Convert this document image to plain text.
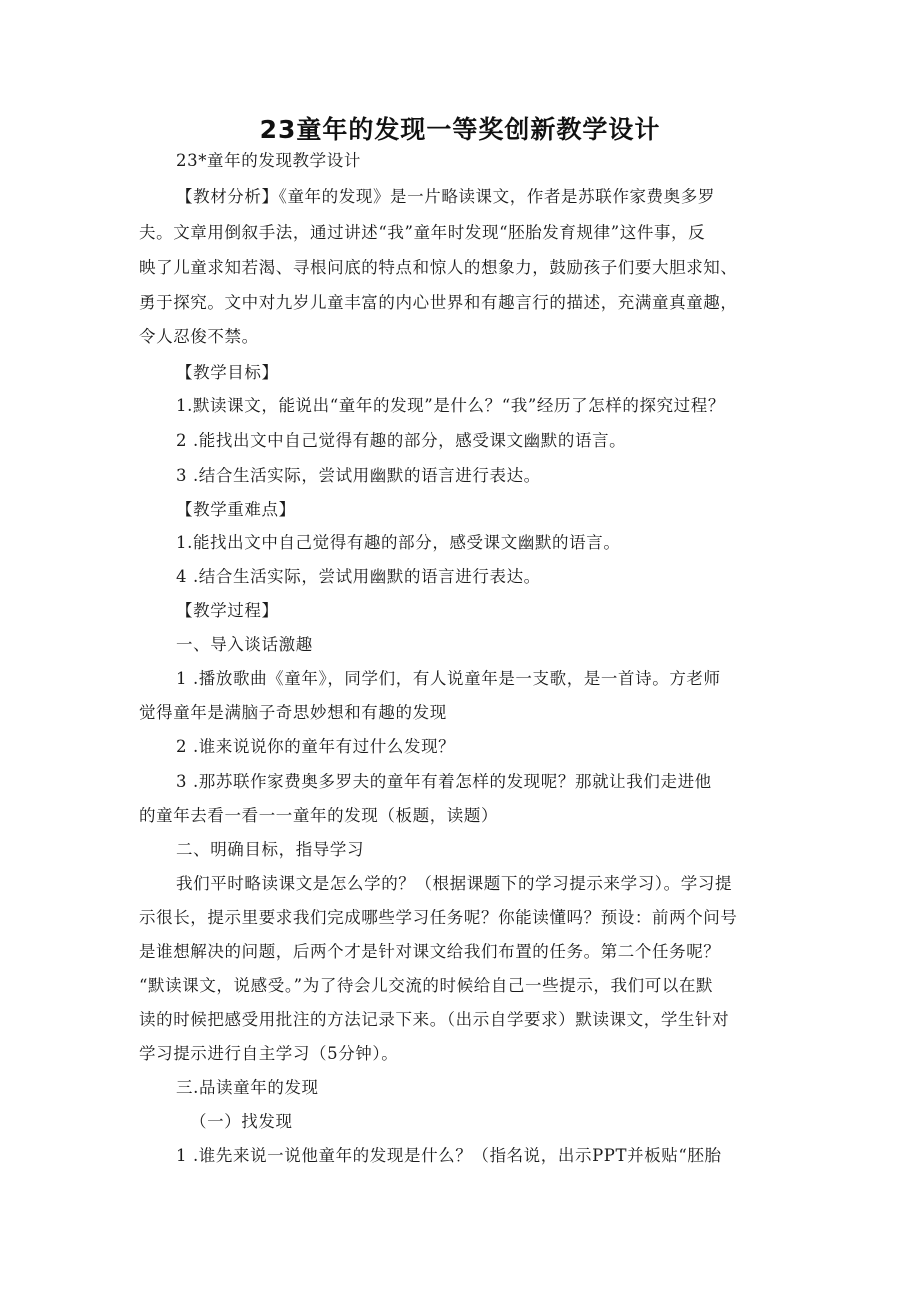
23童年的发现一等奖创新教学设计
23*童年的发现教学设计
【教材分析】《童年的发现》是一片略读课文，作者是苏联作家费奥多罗
夫。文章用倒叙手法，通过讲述“我”童年时发现“胚胎发育规律”这件事，反
映了儿童求知若渴、寻根问底的特点和惊人的想象力，鼓励孩子们要大胆求知、
勇于探究。文中对九岁儿童丰富的内心世界和有趣言行的描述，充满童真童趣，
令人忍俊不禁。
【教学目标】
1.默读课文，能说出“童年的发现”是什么？“我”经历了怎样的探究过程？
2 .能找出文中自己觉得有趣的部分，感受课文幽默的语言。
3 .结合生活实际，尝试用幽默的语言进行表达。
【教学重难点】
1.能找出文中自己觉得有趣的部分，感受课文幽默的语言。
4 .结合生活实际，尝试用幽默的语言进行表达。
【教学过程】
一、导入谈话激趣
1 .播放歌曲《童年》，同学们，有人说童年是一支歌，是一首诗。方老师
觉得童年是满脑子奇思妙想和有趣的发现
2 .谁来说说你的童年有过什么发现？
3 .那苏联作家费奥多罗夫的童年有着怎样的发现呢？那就让我们走进他
的童年去看一看一一童年的发现（板题，读题）
二、明确目标，指导学习
我们平时略读课文是怎么学的？（根据课题下的学习提示来学习）。学习提
示很长，提示里要求我们完成哪些学习任务呢？你能读懂吗？预设：前两个问号
是谁想解决的问题，后两个才是针对课文给我们布置的任务。第二个任务呢？
“默读课文，说感受。”为了待会儿交流的时候给自己一些提示，我们可以在默
读的时候把感受用批注的方法记录下来。（出示自学要求）默读课文，学生针对
学习提示进行自主学习（5分钟）。
三.品读童年的发现
（一）找发现
1 .谁先来说一说他童年的发现是什么？（指名说，出示PPT并板贴“胚胎
